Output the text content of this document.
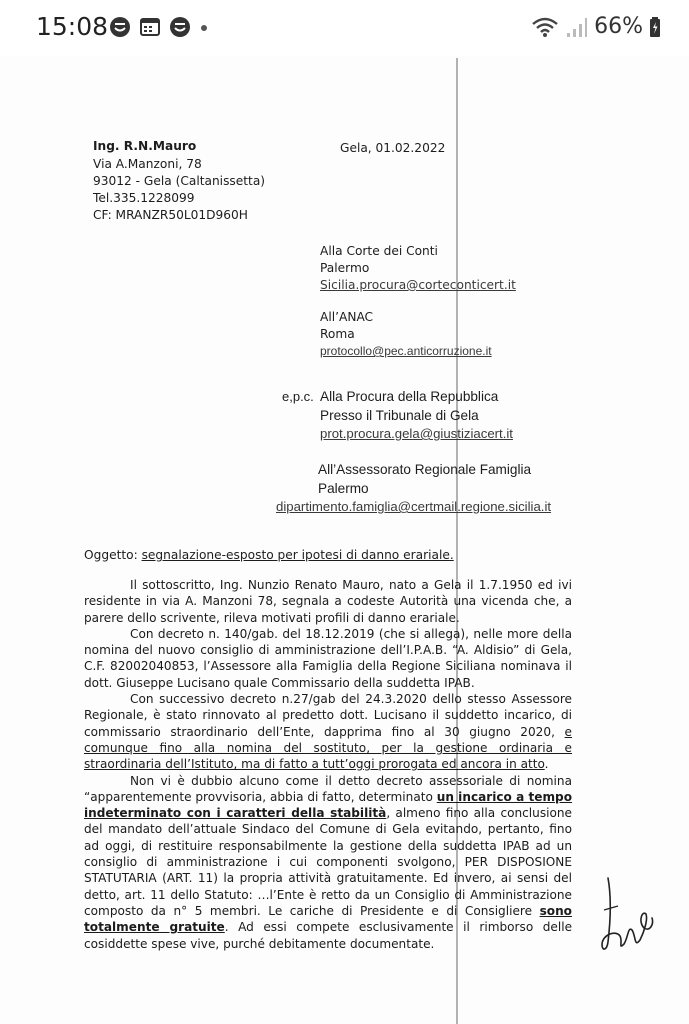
15:08	66%
Ing. R.N.Mauro
Via A.Manzoni, 78
93012 - Gela (Caltanissetta)
Tel.335.1228099
CF: MRANZR50L01D960H
Gela, 01.02.2022
Alla Corte dei Conti
Palermo
Sicilia.procura@corteconticert.it
All’ANAC
Roma
protocollo@pec.anticorruzione.it
e,p.c. Alla Procura della Repubblica
Presso il Tribunale di Gela
prot.procura.gela@giustiziacert.it
All’Assessorato Regionale Famiglia
Palermo
dipartimento.famiglia@certmail.regione.sicilia.it
Oggetto: segnalazione-esposto per ipotesi di danno erariale.

Il sottoscritto, Ing. Nunzio Renato Mauro, nato a Gela il 1.7.1950 ed ivi residente in via A. Manzoni 78, segnala a codeste Autorità una vicenda che, a parere dello scrivente, rileva motivati profili di danno erariale.

Con decreto n. 140/gab. del 18.12.2019 (che si allega), nelle more della nomina del nuovo consiglio di amministrazione dell’I.P.A.B. “A. Aldisio” di Gela, C.F. 82002040853, l’Assessore alla Famiglia della Regione Siciliana nominava il dott. Giuseppe Lucisano quale Commissario della suddetta IPAB.

Con successivo decreto n.27/gab del 24.3.2020 dello stesso Assessore Regionale, è stato rinnovato al predetto dott. Lucisano il suddetto incarico, di commissario straordinario dell’Ente, dapprima fino al 30 giugno 2020, e comunque fino alla nomina del sostituto, per la gestione ordinaria e straordinaria dell’Istituto, ma di fatto a tutt’oggi prorogata ed ancora in atto.

Non vi è dubbio alcuno come il detto decreto assessoriale di nomina “apparentemente provvisoria, abbia di fatto, determinato un incarico a tempo indeterminato con i caratteri della stabilità, almeno fino alla conclusione del mandato dell’attuale Sindaco del Comune di Gela evitando, pertanto, fino ad oggi, di restituire responsabilmente la gestione della suddetta IPAB ad un consiglio di amministrazione i cui componenti svolgono, PER DISPOSIONE STATUTARIA (ART. 11) la propria attività gratuitamente. Ed invero, ai sensi del detto, art. 11 dello Statuto: …l’Ente è retto da un Consiglio di Amministrazione composto da n° 5 membri. Le cariche di Presidente e di Consigliere sono totalmente gratuite. Ad essi compete esclusivamente il rimborso delle cosiddette spese vive, purché debitamente documentate.
